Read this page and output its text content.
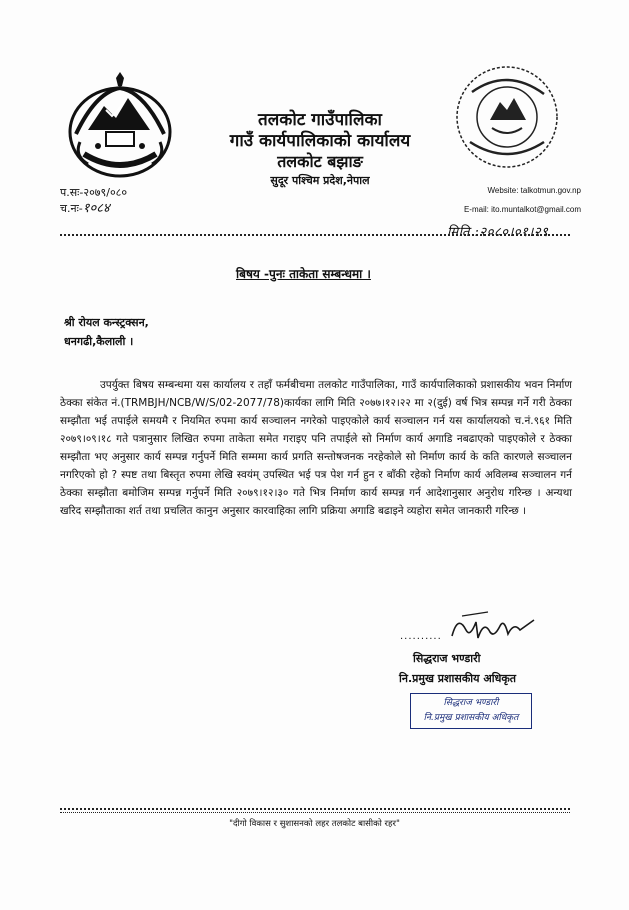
तलकोट गाउँपालिका
गाउँ कार्यपालिकाको कार्यालय
तलकोट बझाङ
सुदूर पश्चिम प्रदेश,नेपाल
Website: talkotmun.gov.np
E-mail: ito.muntalkot@gmail.com
प.सः-२०७९/०८०
च.नः-१०८४
मिति :२०८०।०१।२९
बिषय -पुनः ताकेता सम्बन्धमा ।
श्री रोयल कन्स्ट्रक्सन,
धनगढी,कैलाली ।
उपर्युक्त बिषय सम्बन्धमा यस कार्यालय र तहाँ फर्मबीचमा तलकोट गाउँपालिका, गाउँ कार्यपालिकाको प्रशासकीय भवन निर्माण ठेक्का संकेत नं.(TRMBJH/NCB/W/S/02-2077/78)कार्यका लागि मिति २०७७।१२।२२ मा २(दुई) वर्ष भित्र सम्पन्न गर्ने गरी ठेक्का सम्झौता भई तपाईले समयमै र नियमित रुपमा कार्य सञ्चालन नगरेको पाइएकोले कार्य सञ्चालन गर्न यस कार्यालयको च.नं.९६१ मिति २०७९।०९।१८ गते पत्रानुसार लिखित रुपमा ताकेता समेत गराइए पनि तपाईले सो निर्माण कार्य अगाडि नबढाएको पाइएकोले र ठेक्का सम्झौता भए अनुसार कार्य सम्पन्न गर्नुपर्ने मिति सम्ममा कार्य प्रगति सन्तोषजनक नरहेकोले सो निर्माण कार्य के कति कारणले सञ्चालन नगरिएको हो ? स्पष्ट तथा बिस्तृत रुपमा लेखि स्वयंम् उपस्थित भई पत्र पेश गर्न हुन र बाँकी रहेको निर्माण कार्य अविलम्ब सञ्चालन गर्न ठेक्का सम्झौता बमोजिम सम्पन्न गर्नुपर्ने मिति २०७९।१२।३० गते भित्र निर्माण कार्य सम्पन्न गर्न आदेशानुसार अनुरोध गरिन्छ । अन्यथा खरिद सम्झौताका शर्त तथा प्रचलित कानुन अनुसार कारवाहिका लागि प्रक्रिया अगाडि बढाइने व्यहोरा समेत जानकारी गरिन्छ ।
..........
सिद्धराज भण्डारी
नि.प्रमुख प्रशासकीय अधिकृत
सिद्धराज भण्डारी
नि.प्रमुख प्रशासकीय अधिकृत
"दीगो विकास र सुशासनको लहर तलकोट बासीको रहर"
